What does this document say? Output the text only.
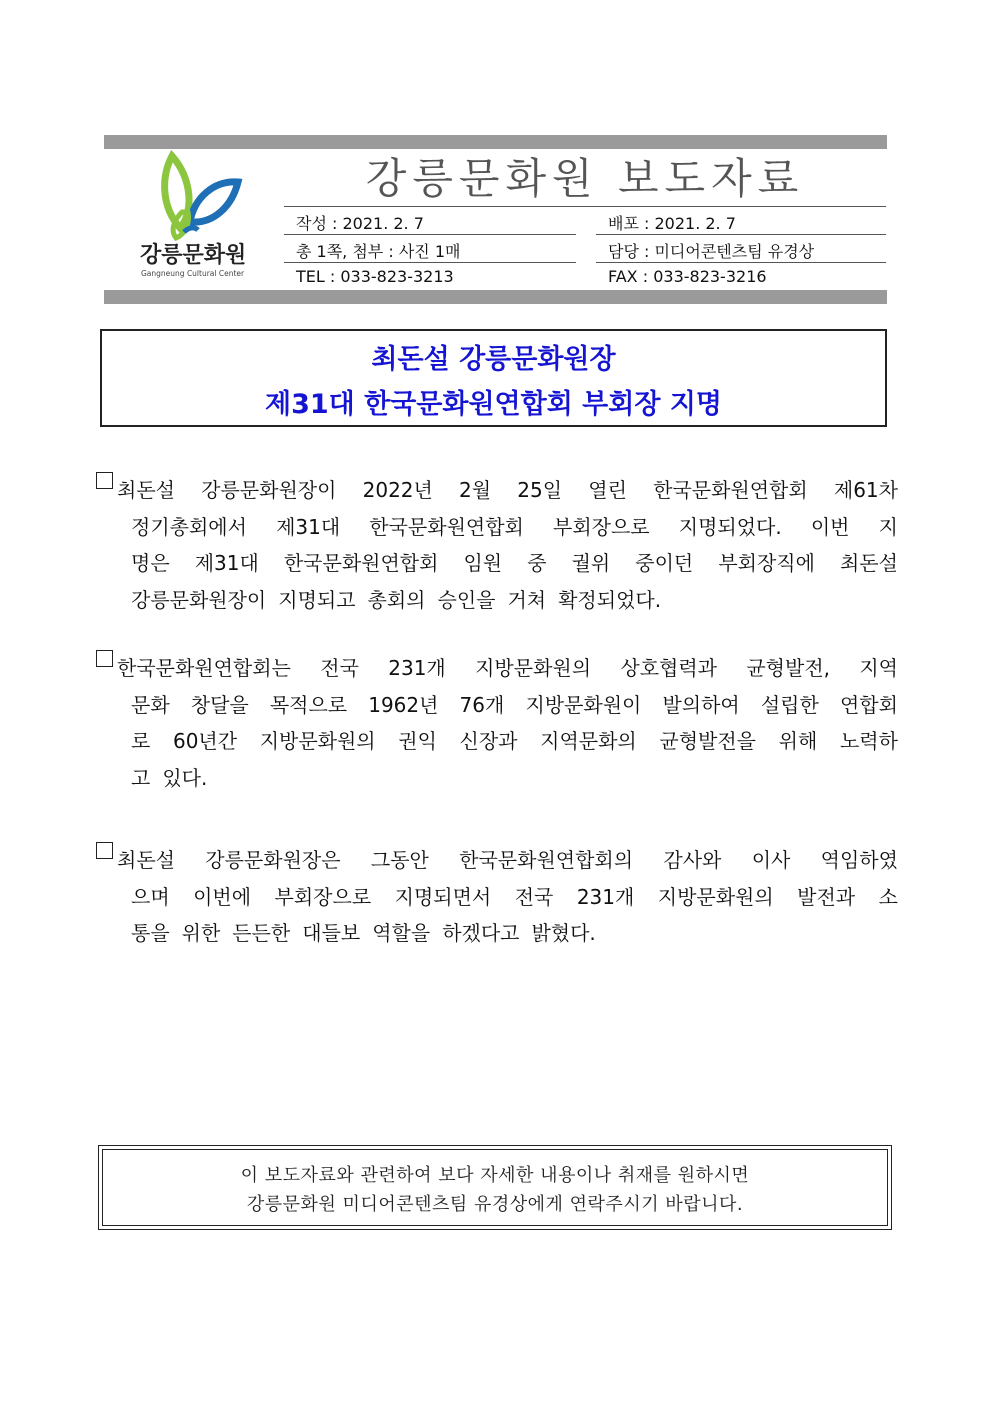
강릉문화원
Gangneung Cultural Center
강릉문화원 보도자료
작성 : 2021. 2. 7	배포 : 2021. 2. 7
총 1쪽, 첨부 : 사진 1매	담당 : 미디어콘텐츠팀 유경상
TEL : 033-823-3213	FAX : 033-823-3216
최돈설 강릉문화원장
제31대 한국문화원연합회 부회장 지명
최돈설 강릉문화원장이 2022년 2월 25일 열린 한국문화원연합회 제61차
정기총회에서 제31대 한국문화원연합회 부회장으로 지명되었다. 이번 지
명은 제31대 한국문화원연합회 임원 중 궐위 중이던 부회장직에 최돈설
강릉문화원장이 지명되고 총회의 승인을 거쳐 확정되었다.
한국문화원연합회는 전국 231개 지방문화원의 상호협력과 균형발전, 지역
문화 창달을 목적으로 1962년 76개 지방문화원이 발의하여 설립한 연합회
로 60년간 지방문화원의 권익 신장과 지역문화의 균형발전을 위해 노력하
고 있다.
최돈설 강릉문화원장은 그동안 한국문화원연합회의 감사와 이사 역임하였
으며 이번에 부회장으로 지명되면서 전국 231개 지방문화원의 발전과 소
통을 위한 든든한 대들보 역할을 하겠다고 밝혔다.
이 보도자료와 관련하여 보다 자세한 내용이나 취재를 원하시면
강릉문화원 미디어콘텐츠팀 유경상에게 연락주시기 바랍니다.
